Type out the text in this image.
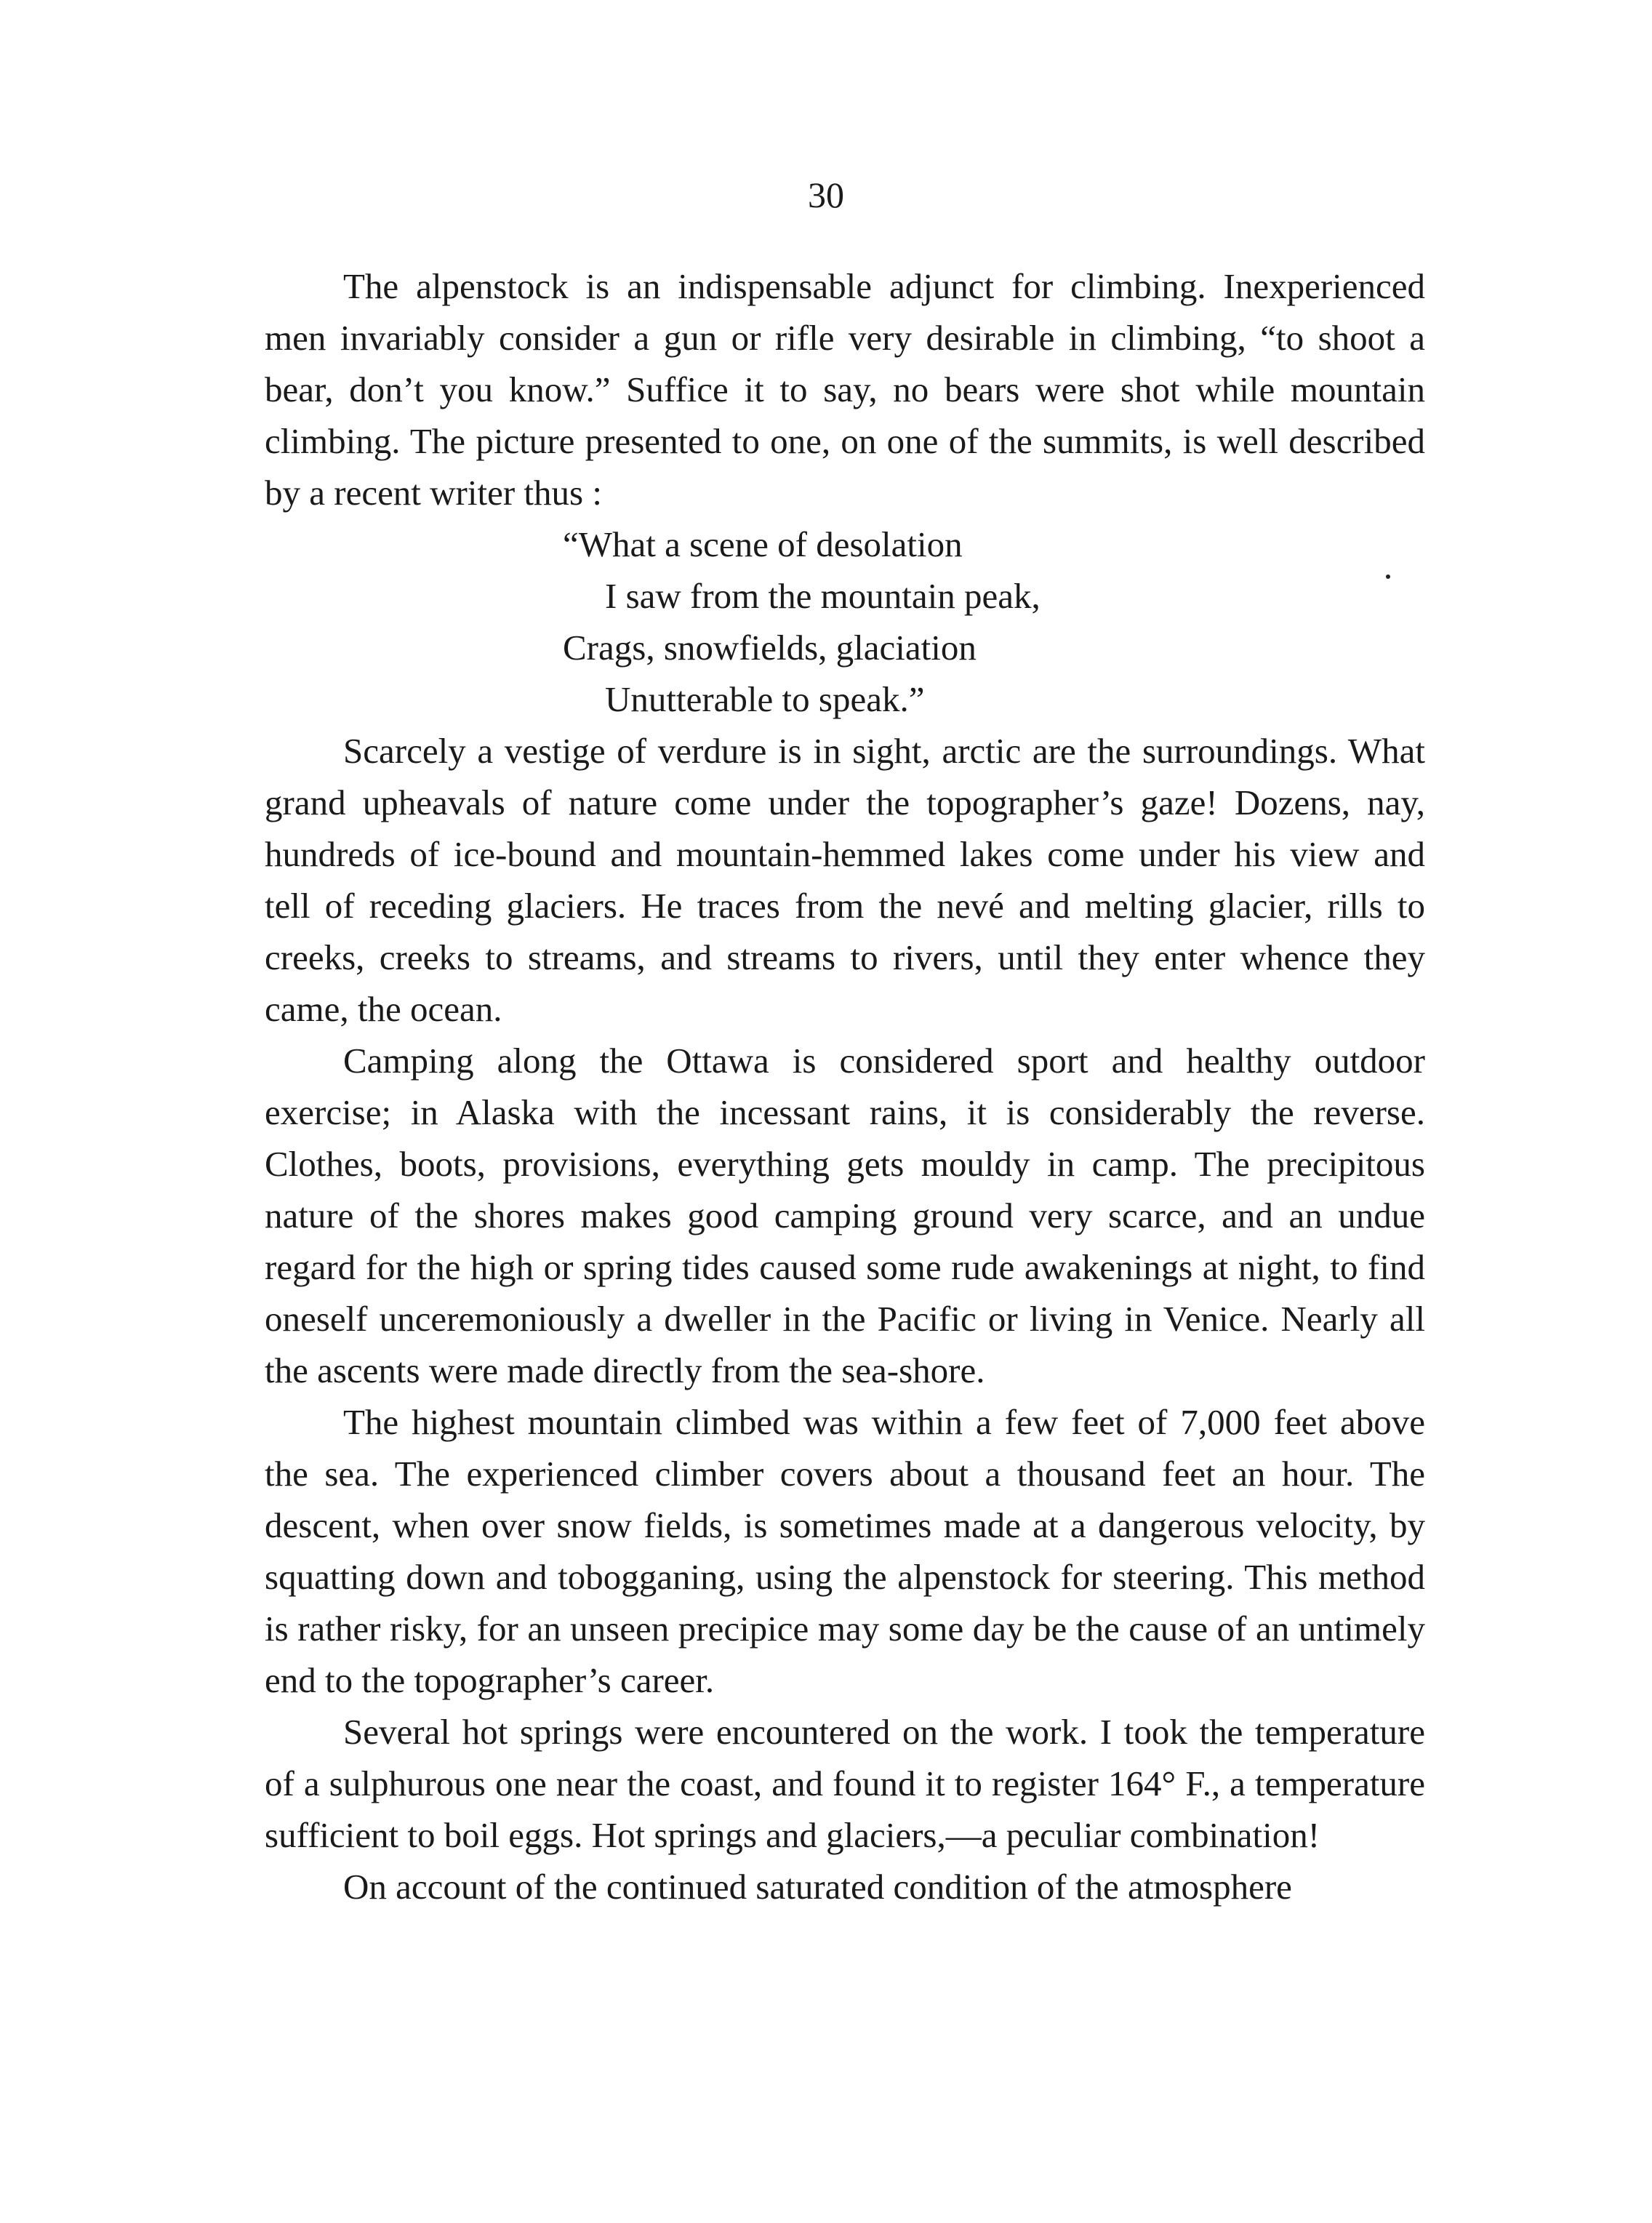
30

The alpenstock is an indispensable adjunct for climbing. Inexperienced men invariably consider a gun or rifle very desirable in climbing, “to shoot a bear, don’t you know.” Suffice it to say, no bears were shot while mountain climbing. The picture presented to one, on one of the summits, is well described by a recent writer thus :

“What a scene of desolation
I saw from the mountain peak,
Crags, snowfields, glaciation
Unutterable to speak.”

Scarcely a vestige of verdure is in sight, arctic are the surroundings. What grand upheavals of nature come under the topographer’s gaze! Dozens, nay, hundreds of ice-bound and mountain-hemmed lakes come under his view and tell of receding glaciers. He traces from the nevé and melting glacier, rills to creeks, creeks to streams, and streams to rivers, until they enter whence they came, the ocean.

Camping along the Ottawa is considered sport and healthy outdoor exercise; in Alaska with the incessant rains, it is considerably the reverse. Clothes, boots, provisions, everything gets mouldy in camp. The precipitous nature of the shores makes good camping ground very scarce, and an undue regard for the high or spring tides caused some rude awakenings at night, to find oneself unceremoniously a dweller in the Pacific or living in Venice. Nearly all the ascents were made directly from the sea-shore.

The highest mountain climbed was within a few feet of 7,000 feet above the sea. The experienced climber covers about a thousand feet an hour. The descent, when over snow fields, is sometimes made at a dangerous velocity, by squatting down and tobogganing, using the alpenstock for steering. This method is rather risky, for an unseen precipice may some day be the cause of an untimely end to the topographer’s career.

Several hot springs were encountered on the work. I took the temperature of a sulphurous one near the coast, and found it to register 164° F., a temperature sufficient to boil eggs. Hot springs and glaciers,—a peculiar combination!

On account of the continued saturated condition of the atmosphere
